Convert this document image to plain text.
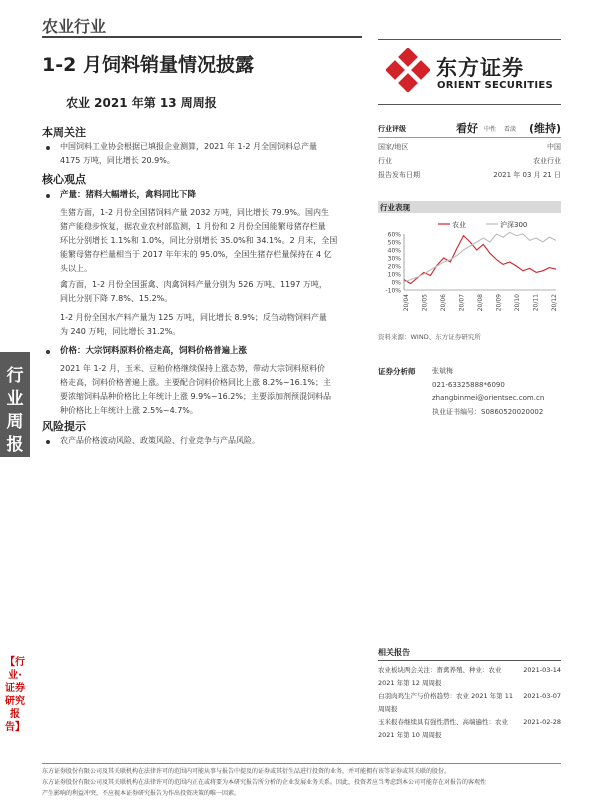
农业行业
1-2 月饲料销量情况披露
农业 2021 年第 13 周周报
东方证券
ORIENT SECURITIES
行业周报
【行业·证券研究报告】
本周关注
中国饲料工业协会根据已填报企业测算，2021 年 1-2 月全国饲料总产量
4175 万吨，同比增长 20.9%。
核心观点
产量：猪料大幅增长，禽料同比下降
生猪方面，1-2 月份全国猪饲料产量 2032 万吨，同比增长 79.9%。国内生
猪产能稳步恢复，据农业农村部监测，1 月份和 2 月份全国能繁母猪存栏量
环比分别增长 1.1%和 1.0%，同比分别增长 35.0%和 34.1%。2 月末，全国
能繁母猪存栏量相当于 2017 年年末的 95.0%，全国生猪存栏量保持在 4 亿
头以上。
禽方面，1-2 月份全国蛋禽、肉禽饲料产量分别为 526 万吨、1197 万吨，
同比分别下降 7.8%、15.2%。
1-2 月份全国水产料产量为 125 万吨，同比增长 8.9%；反刍动物饲料产量
为 240 万吨，同比增长 31.2%。
价格：大宗饲料原料价格走高，饲料价格普遍上涨
2021 年 1-2 月，玉米、豆粕价格继续保持上涨态势，带动大宗饲料原料价
格走高，饲料价格普遍上涨。主要配合饲料价格同比上涨 8.2%~16.1%；主
要浓缩饲料品种价格比上年统计上涨 9.9%~16.2%；主要添加剂预混饲料品
种价格比上年统计上涨 2.5%~4.7%。
风险提示
农产品价格波动风险、政策风险、行业竞争与产品风险。
行业评级	看好 中性 看淡 (维持)
国家/地区	中国
行业	农业行业
报告发布日期	2021 年 03 月 21 日
行业表现
农业	沪深300
60%
50%
40%
30%
20%
10%
0%
-10%
20/04 20/05 20/06 20/07 20/08 20/09 20/10 20/11 20/12
资料来源：WIND、东方证券研究所
证券分析师 张斌梅
021-63325888*6090
zhangbinmei@orientsec.com.cn
执业证书编号：S0860520020002
相关报告
农业板块两会关注：畜禽养殖、种业：农业 2021 年第 12 周周报
2021-03-14
白羽肉鸡生产与价格趋势：农业 2021 年第 11 周周报
2021-03-07
玉米报春继续具有强性潜性、高端遍性：农业 2021 年第 10 周周报
2021-02-28
东方证券股份有限公司及其关联机构在法律许可的范围内可能从事与报告中提及的证券或其衍生品进行投资的业务，并可能拥有该等证券或其关联的股份。
东方证券股份有限公司及其关联机构在法律许可的范围内正在或将要为本研究报告所分析的企业发展业务关系。因此，投资者应当考虑到本公司可能存在对报告的客观性
产生影响的利益冲突，不应视本证券研究报告为作出投资决策的唯一因素。
